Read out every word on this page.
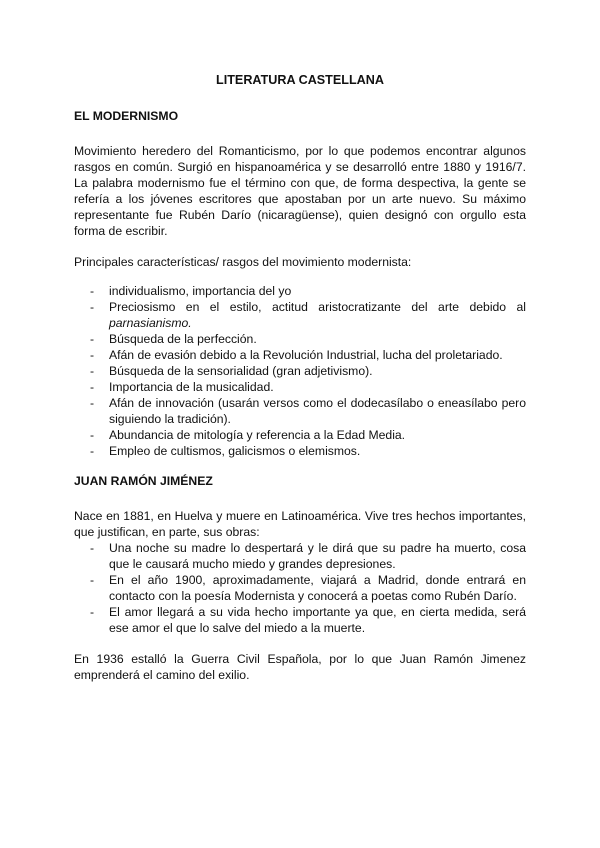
LITERATURA CASTELLANA
EL MODERNISMO

Movimiento heredero del Romanticismo, por lo que podemos encontrar algunos rasgos en común. Surgió en hispanoamérica y se desarrolló entre 1880 y 1916/7. La palabra modernismo fue el término con que, de forma despectiva, la gente se refería a los jóvenes escritores que apostaban por un arte nuevo. Su máximo representante fue Rubén Darío (nicaragüense), quien designó con orgullo esta forma de escribir.

Principales características/ rasgos del movimiento modernista:

- individualismo, importancia del yo
- Preciosismo en el estilo, actitud aristocratizante del arte debido al parnasianismo.
- Búsqueda de la perfección.
- Afán de evasión debido a la Revolución Industrial, lucha del proletariado.
- Búsqueda de la sensorialidad (gran adjetivismo).
- Importancia de la musicalidad.
- Afán de innovación (usarán versos como el dodecasílabo o eneasílabo pero siguiendo la tradición).
- Abundancia de mitología y referencia a la Edad Media.
- Empleo de cultismos, galicismos o elemismos.
JUAN RAMÓN JIMÉNEZ

Nace en 1881, en Huelva y muere en Latinoamérica. Vive tres hechos importantes, que justifican, en parte, sus obras:

- Una noche su madre lo despertará y le dirá que su padre ha muerto, cosa que le causará mucho miedo y grandes depresiones.
- En el año 1900, aproximadamente, viajará a Madrid, donde entrará en contacto con la poesía Modernista y conocerá a poetas como Rubén Darío.
- El amor llegará a su vida hecho importante ya que, en cierta medida, será ese amor el que lo salve del miedo a la muerte.

En 1936 estalló la Guerra Civil Española, por lo que Juan Ramón Jimenez emprenderá el camino del exilio.
